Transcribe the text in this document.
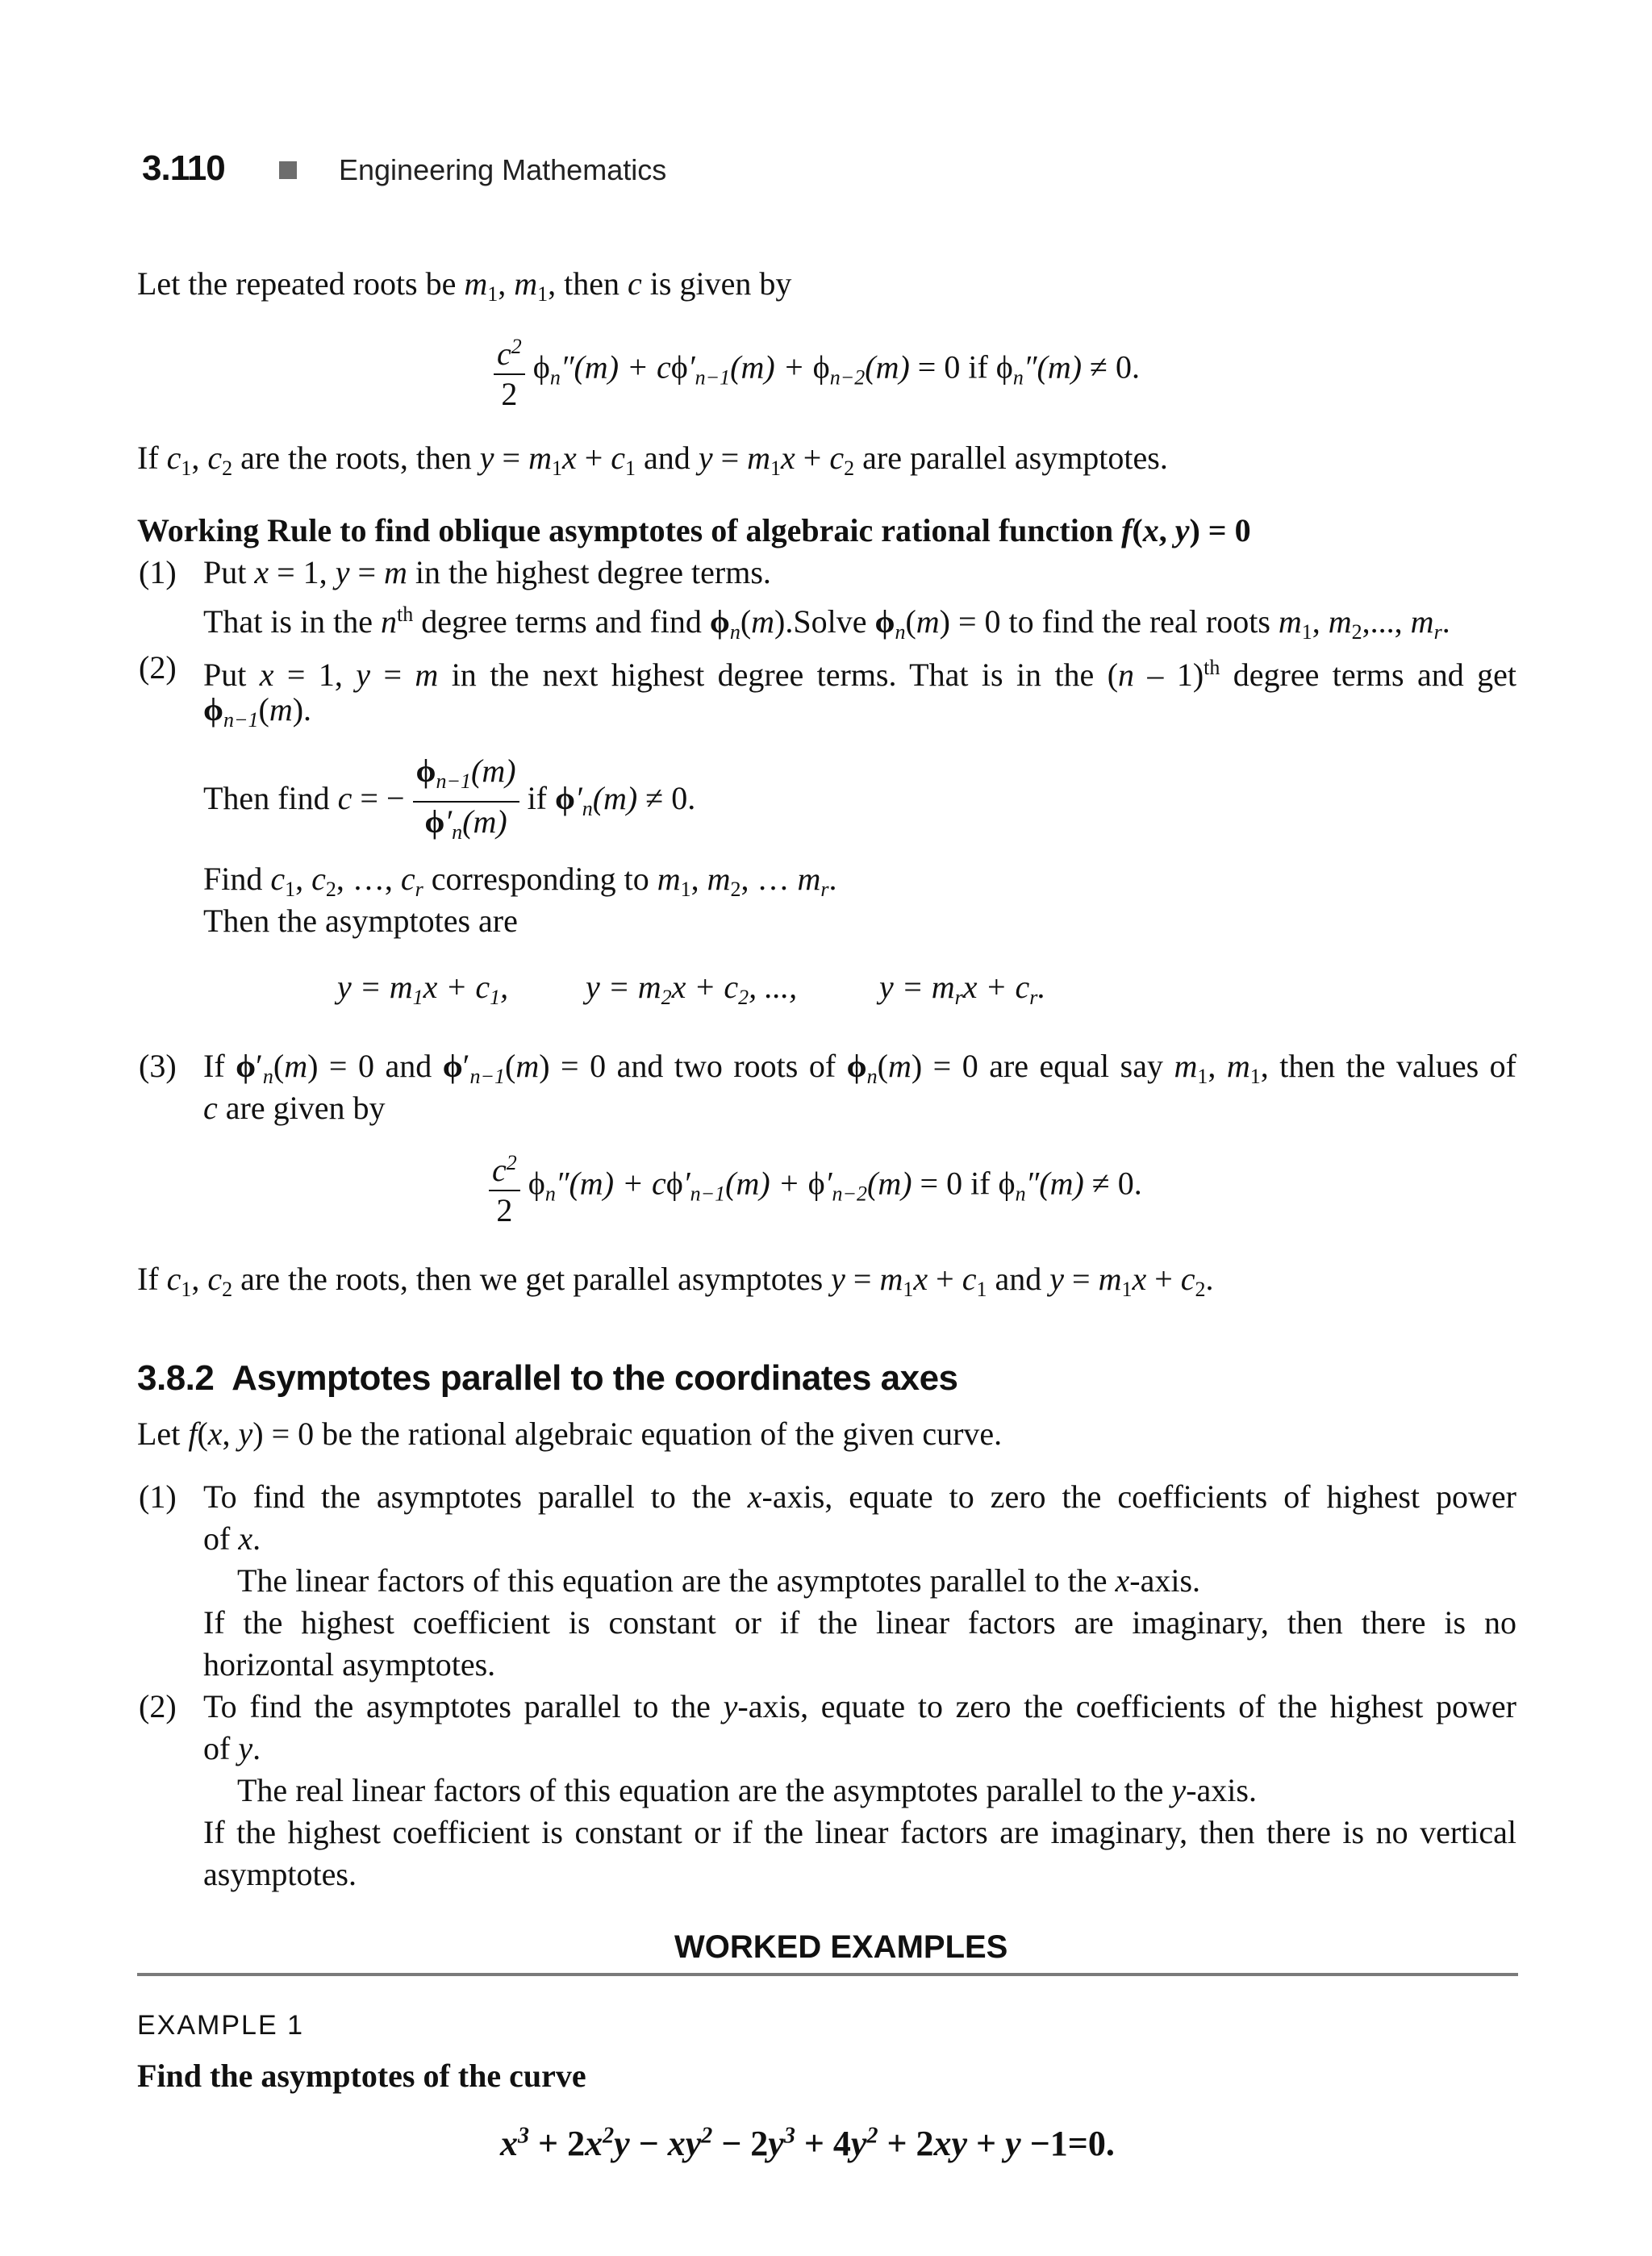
3.110	Engineering Mathematics
Let the repeated roots be $m_1$, $m_1$, then c is given by
$\frac{c^2}{2} \phi_n''(m) + c\phi'_{n-1}(m) + \phi_{n-2}(m) = 0$ if $\phi_n''(m) \ne 0$.
If $c_1$, $c_2$ are the roots, then $y = m_1x + c_1$ and $y = m_1x + c_2$ are parallel asymptotes.
Working Rule to find oblique asymptotes of algebraic rational function f(x, y) = 0
(1) Put x = 1, y = m in the highest degree terms.
That is in the $n^{th}$ degree terms and find $\phi_n(m).Solve$ $\phi_n(m) = 0$ to find the real roots $m_1$, $m_2$,..., $m_r$.
(2) Put x = 1, y = m in the next highest degree terms. That is in the (n – 1)$^{th}$ degree terms and get
$\phi_{n-1}(m)$.
Then find c = − $\frac{\phi_{n-1}(m)}{\phi'_n(m)}$ if $\phi'_n(m) \ne 0$.
Find $c_1$, $c_2$, …, $c_r$ corresponding to $m_1$, $m_2$, … $m_r$.
Then the asymptotes are
$y = m_1x + c_1$, $y = m_2x + c_2$, ...,	$y = m_rx + c_r$.
(3) If $\phi'_n(m) = 0$ and $\phi'_{n-1}(m) = 0$ and two roots of $\phi_n(m) = 0$ are equal say $m_1$, $m_1$, then the values of
c are given by
$\frac{c^2}{2} \phi_n''(m) + c\phi'_{n-1}(m) + \phi'_{n-2}(m) = 0$ if $\phi_n''(m) \ne 0$.
If $c_1$, $c_2$ are the roots, then we get parallel asymptotes $y = m_1x + c_1$ and $y = m_1x + c_2$.
3.8.2  Asymptotes parallel to the coordinates axes
Let f(x, y) = 0 be the rational algebraic equation of the given curve.
(1) To find the asymptotes parallel to the x-axis, equate to zero the coefficients of highest power
of x.
The linear factors of this equation are the asymptotes parallel to the x-axis.
If the highest coefficient is constant or if the linear factors are imaginary, then there is no
horizontal asymptotes.
(2) To find the asymptotes parallel to the y-axis, equate to zero the coefficients of the highest power
of y.
The real linear factors of this equation are the asymptotes parallel to the y-axis.
If the highest coefficient is constant or if the linear factors are imaginary, then there is no vertical
asymptotes.
WORKED EXAMPLES
EXAMPLE 1
Find the asymptotes of the curve
$x^3 + 2x^2y - xy^2 - 2y^3 + 4y^2 + 2xy + y -1=0$.
